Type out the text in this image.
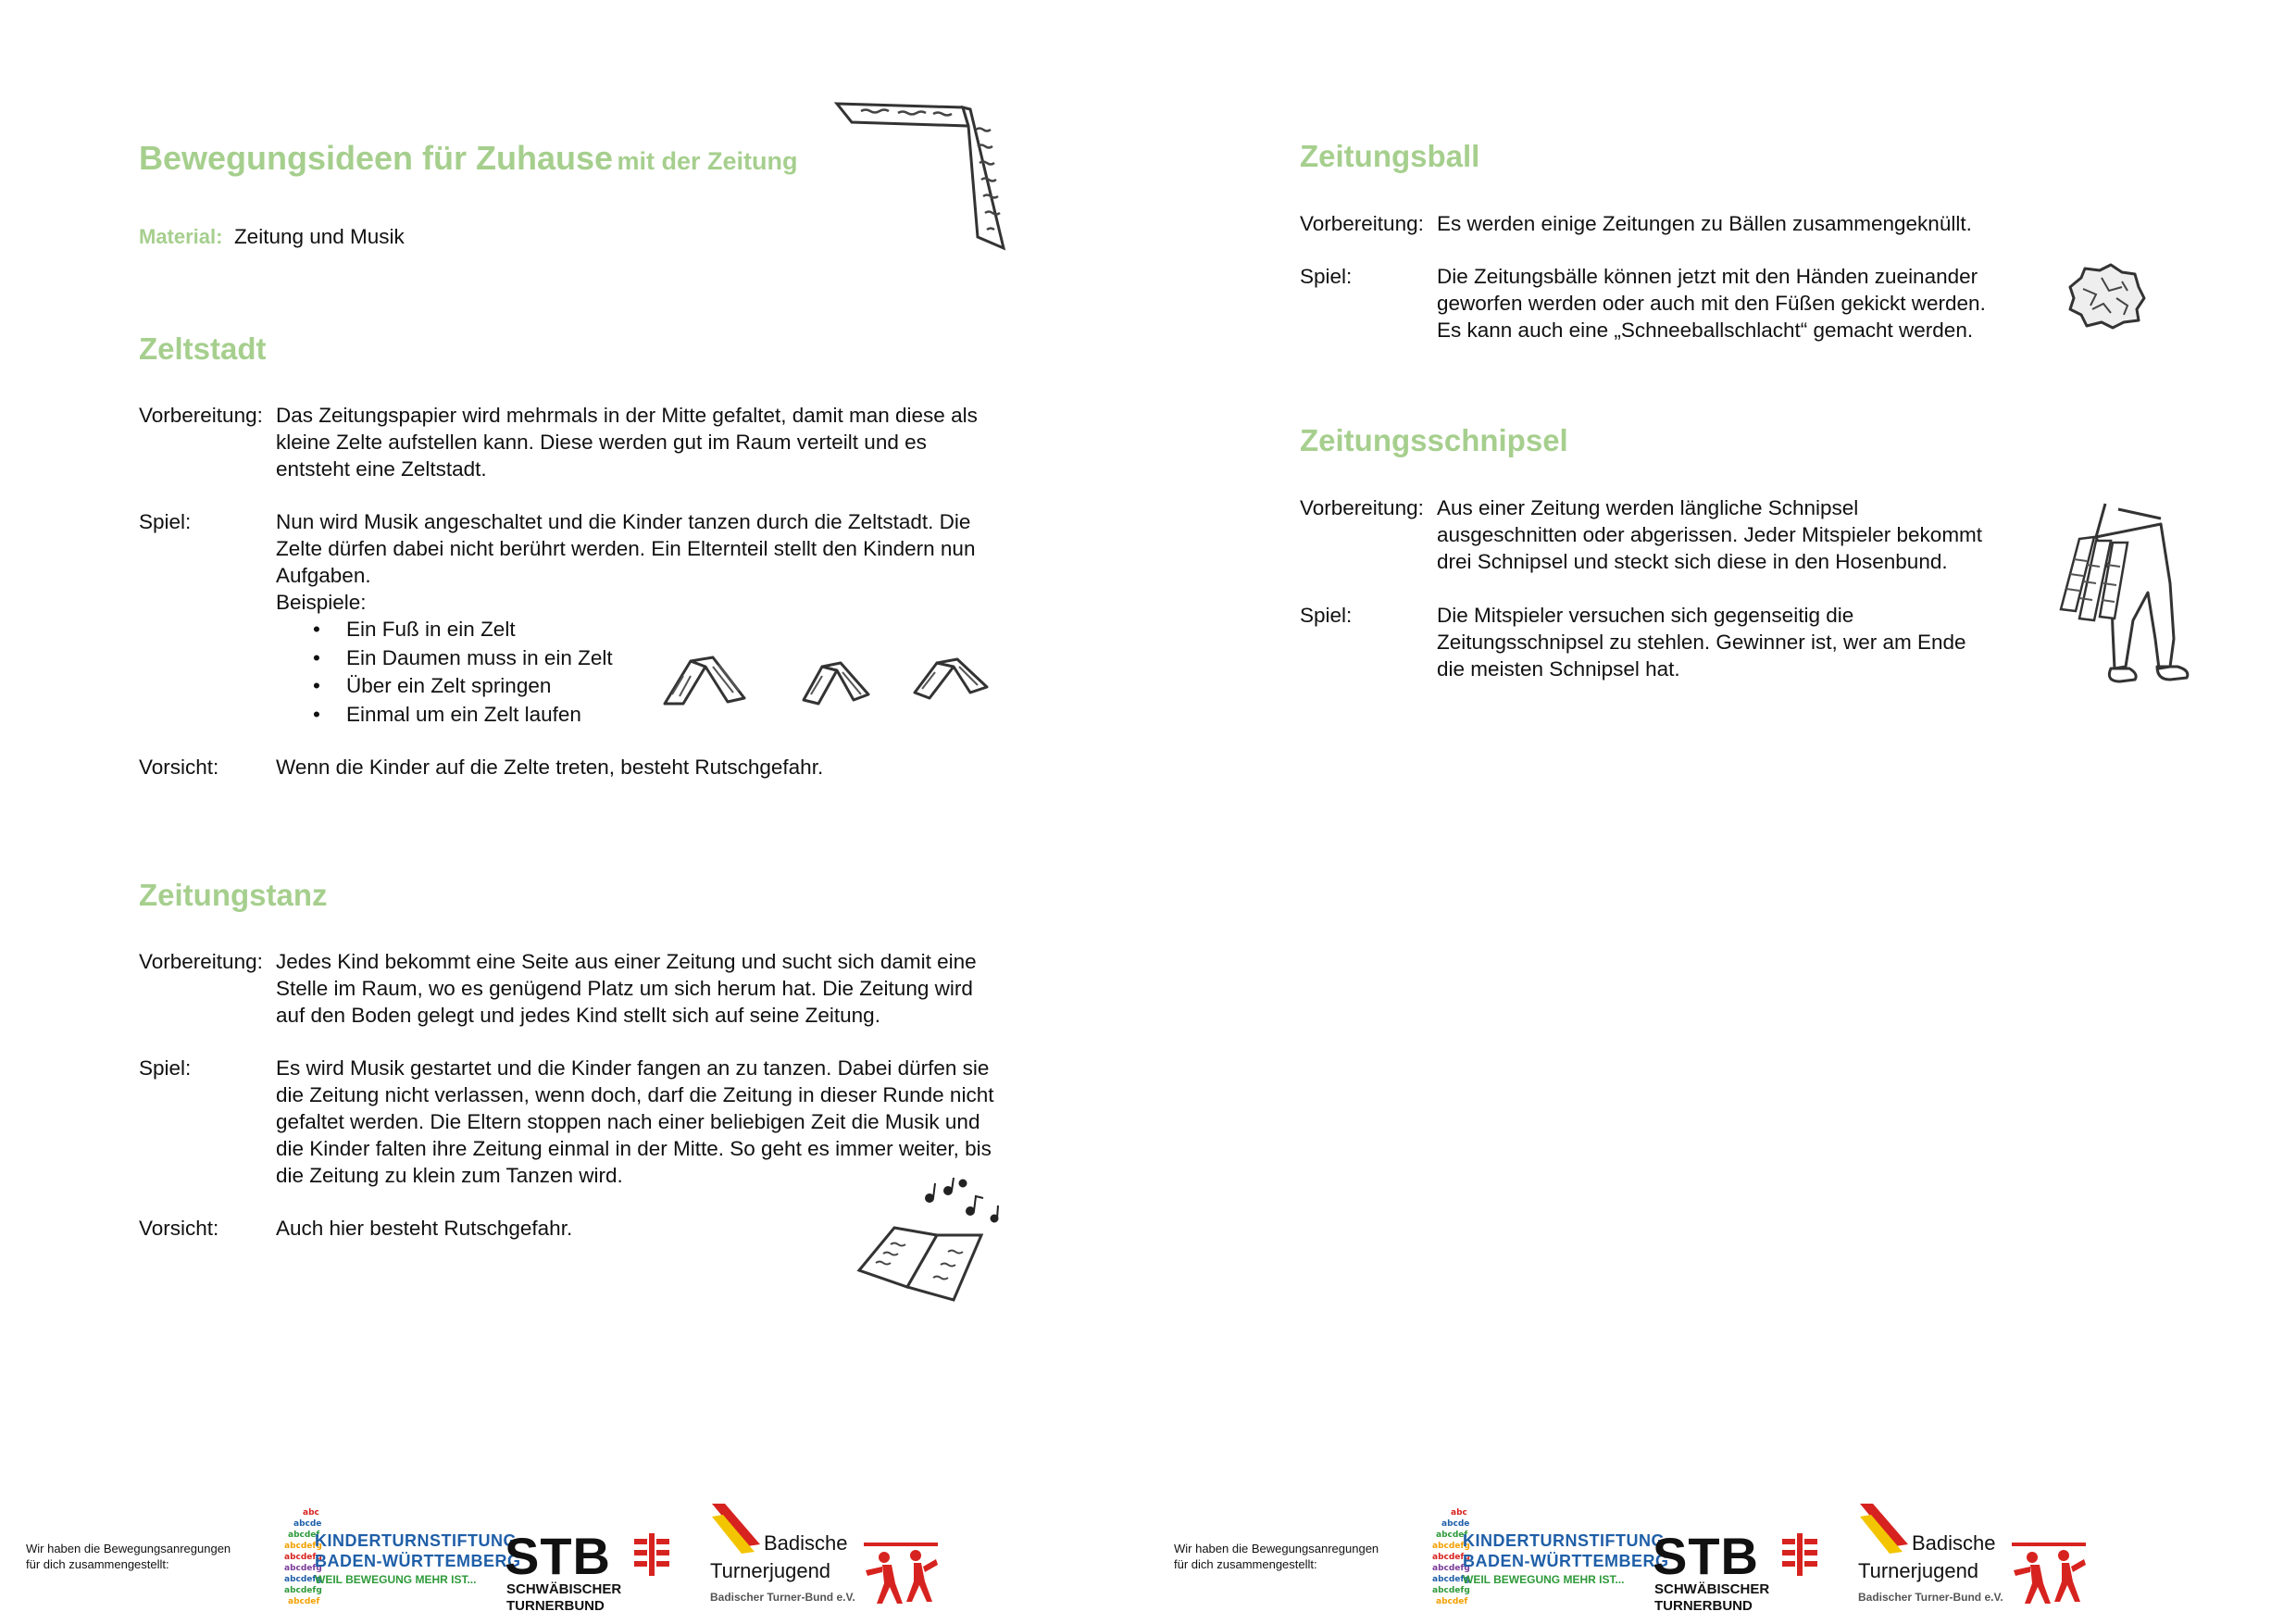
Bewegungsideen für Zuhause mit der Zeitung
Material: Zeitung und Musik
Zeltstadt
Vorbereitung: Das Zeitungspapier wird mehrmals in der Mitte gefaltet, damit man diese als
kleine Zelte aufstellen kann. Diese werden gut im Raum verteilt und es
entsteht eine Zeltstadt.
Spiel:	Nun wird Musik angeschaltet und die Kinder tanzen durch die Zeltstadt. Die
Zelte dürfen dabei nicht berührt werden. Ein Elternteil stellt den Kindern nun
Aufgaben.
Beispiele:
• Ein Fuß in ein Zelt
• Ein Daumen muss in ein Zelt
• Über ein Zelt springen
• Einmal um ein Zelt laufen
Vorsicht:	Wenn die Kinder auf die Zelte treten, besteht Rutschgefahr.
Zeitungstanz
Vorbereitung: Jedes Kind bekommt eine Seite aus einer Zeitung und sucht sich damit eine
Stelle im Raum, wo es genügend Platz um sich herum hat. Die Zeitung wird
auf den Boden gelegt und jedes Kind stellt sich auf seine Zeitung.
Spiel:	Es wird Musik gestartet und die Kinder fangen an zu tanzen. Dabei dürfen sie
die Zeitung nicht verlassen, wenn doch, darf die Zeitung in dieser Runde nicht
gefaltet werden. Die Eltern stoppen nach einer beliebigen Zeit die Musik und
die Kinder falten ihre Zeitung einmal in der Mitte. So geht es immer weiter, bis
die Zeitung zu klein zum Tanzen wird.
Vorsicht:	Auch hier besteht Rutschgefahr.
Wir haben die Bewegungsanregungen
für dich zusammengestellt:
abc
abcde
abcdef
abcdefg
abcdefg
abcdefg
abcdefg
abcdefg
abcdef
KINDERTURNSTIFTUNG
BADEN-WÜRTTEMBERG
WEIL BEWEGUNG MEHR IST... STB
SCHWÄBISCHER
TURNERBUND
Badische
Turnerjugend
Badischer Turner-Bund e.V.
Zeitungsball
Vorbereitung: Es werden einige Zeitungen zu Bällen zusammengeknüllt.
Spiel:	Die Zeitungsbälle können jetzt mit den Händen zueinander
geworfen werden oder auch mit den Füßen gekickt werden.
Es kann auch eine „Schneeballschlacht“ gemacht werden.
Zeitungsschnipsel
Vorbereitung: Aus einer Zeitung werden längliche Schnipsel
ausgeschnitten oder abgerissen. Jeder Mitspieler bekommt
drei Schnipsel und steckt sich diese in den Hosenbund.
Spiel:	Die Mitspieler versuchen sich gegenseitig die
Zeitungsschnipsel zu stehlen. Gewinner ist, wer am Ende
die meisten Schnipsel hat.
Wir haben die Bewegungsanregungen
für dich zusammengestellt:
abc
abcde
abcdef
abcdefg
abcdefg
abcdefg
abcdefg
abcdefg
abcdef
KINDERTURNSTIFTUNG
BADEN-WÜRTTEMBERG
WEIL BEWEGUNG MEHR IST... STB
SCHWÄBISCHER
TURNERBUND
Badische
Turnerjugend
Badischer Turner-Bund e.V.
